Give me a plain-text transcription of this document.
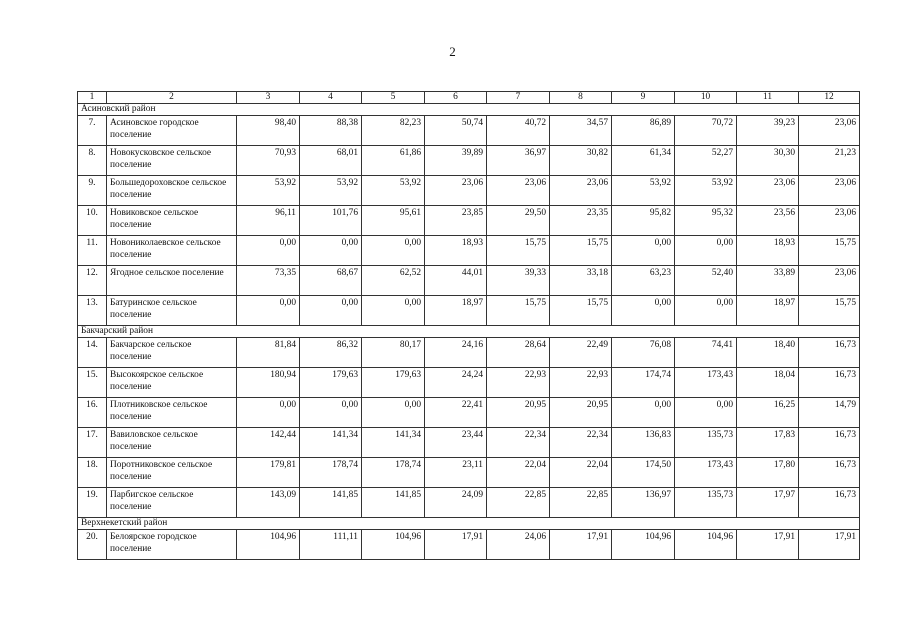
2
1	2	3	4	5	6	7	8	9	10	11	12
Асиновский район											
7.	Асиновское городское поселение	98,40	88,38	82,23	50,74	40,72	34,57	86,89	70,72	39,23	23,06
8.	Новокусковское сельское поселение	70,93	68,01	61,86	39,89	36,97	30,82	61,34	52,27	30,30	21,23
9.	Большедороховское сельское поселение	53,92	53,92	53,92	23,06	23,06	23,06	53,92	53,92	23,06	23,06
10.	Новиковское сельское поселение	96,11	101,76	95,61	23,85	29,50	23,35	95,82	95,32	23,56	23,06
11.	Новониколаевское сельское поселение	0,00	0,00	0,00	18,93	15,75	15,75	0,00	0,00	18,93	15,75
12.	Ягодное сельское поселение	73,35	68,67	62,52	44,01	39,33	33,18	63,23	52,40	33,89	23,06
13.	Батуринское сельское поселение	0,00	0,00	0,00	18,97	15,75	15,75	0,00	0,00	18,97	15,75
Бакчарский район											
14.	Бакчарское сельское поселение	81,84	86,32	80,17	24,16	28,64	22,49	76,08	74,41	18,40	16,73
15.	Высокоярское сельское поселение	180,94	179,63	179,63	24,24	22,93	22,93	174,74	173,43	18,04	16,73
16.	Плотниковское сельское поселение	0,00	0,00	0,00	22,41	20,95	20,95	0,00	0,00	16,25	14,79
17.	Вавиловское сельское поселение	142,44	141,34	141,34	23,44	22,34	22,34	136,83	135,73	17,83	16,73
18.	Поротниковское сельское поселение	179,81	178,74	178,74	23,11	22,04	22,04	174,50	173,43	17,80	16,73
19.	Парбигское сельское поселение	143,09	141,85	141,85	24,09	22,85	22,85	136,97	135,73	17,97	16,73
Верхнекетский район											
20.	Белоярское городское поселение	104,96	111,11	104,96	17,91	24,06	17,91	104,96	104,96	17,91	17,91
